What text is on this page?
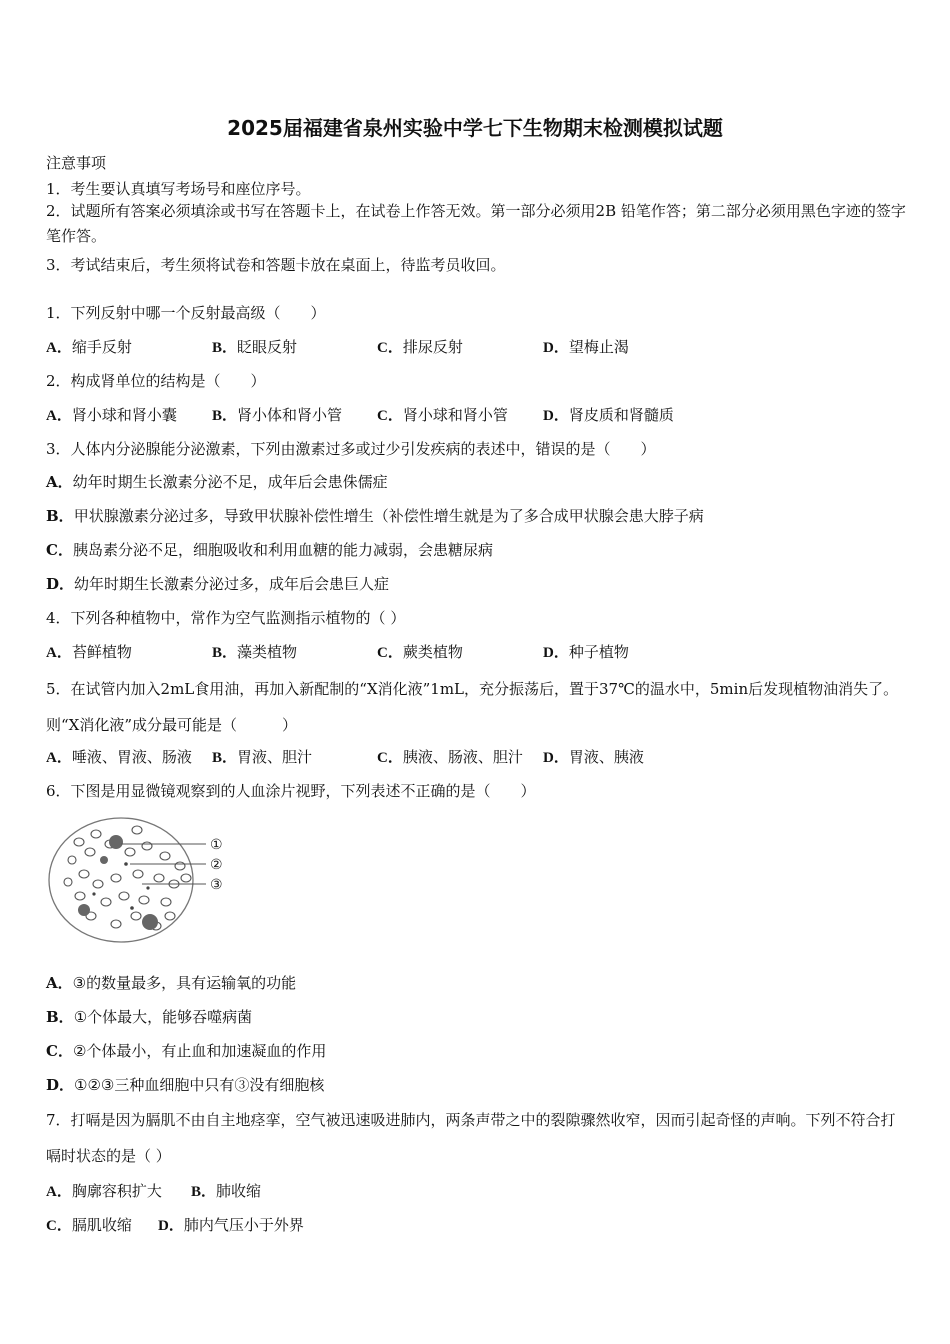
2025届福建省泉州实验中学七下生物期末检测模拟试题
注意事项
1．考生要认真填写考场号和座位序号。
2．试题所有答案必须填涂或书写在答题卡上，在试卷上作答无效。第一部分必须用2B 铅笔作答；第二部分必须用黑色字迹的签字笔作答。
3．考试结束后，考生须将试卷和答题卡放在桌面上，待监考员收回。
1．下列反射中哪一个反射最高级（　　）
A．缩手反射	B．眨眼反射	C．排尿反射	D．望梅止渴
2．构成肾单位的结构是（　　）
A．肾小球和肾小囊 B．肾小体和肾小管 C．肾小球和肾小管 D．肾皮质和肾髓质
3．人体内分泌腺能分泌激素，下列由激素过多或过少引发疾病的表述中，错误的是（　　）
A．幼年时期生长激素分泌不足，成年后会患侏儒症
B．甲状腺激素分泌过多，导致甲状腺补偿性增生（补偿性增生就是为了多合成甲状腺会患大脖子病
C．胰岛素分泌不足，细胞吸收和利用血糖的能力减弱，会患糖尿病
D．幼年时期生长激素分泌过多，成年后会患巨人症
4．下列各种植物中，常作为空气监测指示植物的（ ）
A．苔鲜植物	B．藻类植物	C．蕨类植物	D．种子植物
5．在试管内加入2mL食用油，再加入新配制的“X消化液”1mL，充分振荡后，置于37℃的温水中，5min后发现植物油消失了。则“X消化液”成分最可能是（　　　）
A．唾液、胃液、肠液 B．胃液、胆汁	C．胰液、肠液、胆汁 D．胃液、胰液
6．下图是用显微镜观察到的人血涂片视野，下列表述不正确的是（　　）
①
②
③
A．③的数量最多，具有运输氧的功能
B．①个体最大，能够吞噬病菌
C．②个体最小，有止血和加速凝血的作用
D．①②③三种血细胞中只有③没有细胞核
7．打嗝是因为膈肌不由自主地痉挛，空气被迅速吸进肺内，两条声带之中的裂隙骤然收窄，因而引起奇怪的声响。下列不符合打嗝时状态的是（ ）
A．胸廓容积扩大 B．肺收缩
C．膈肌收缩 D．肺内气压小于外界
